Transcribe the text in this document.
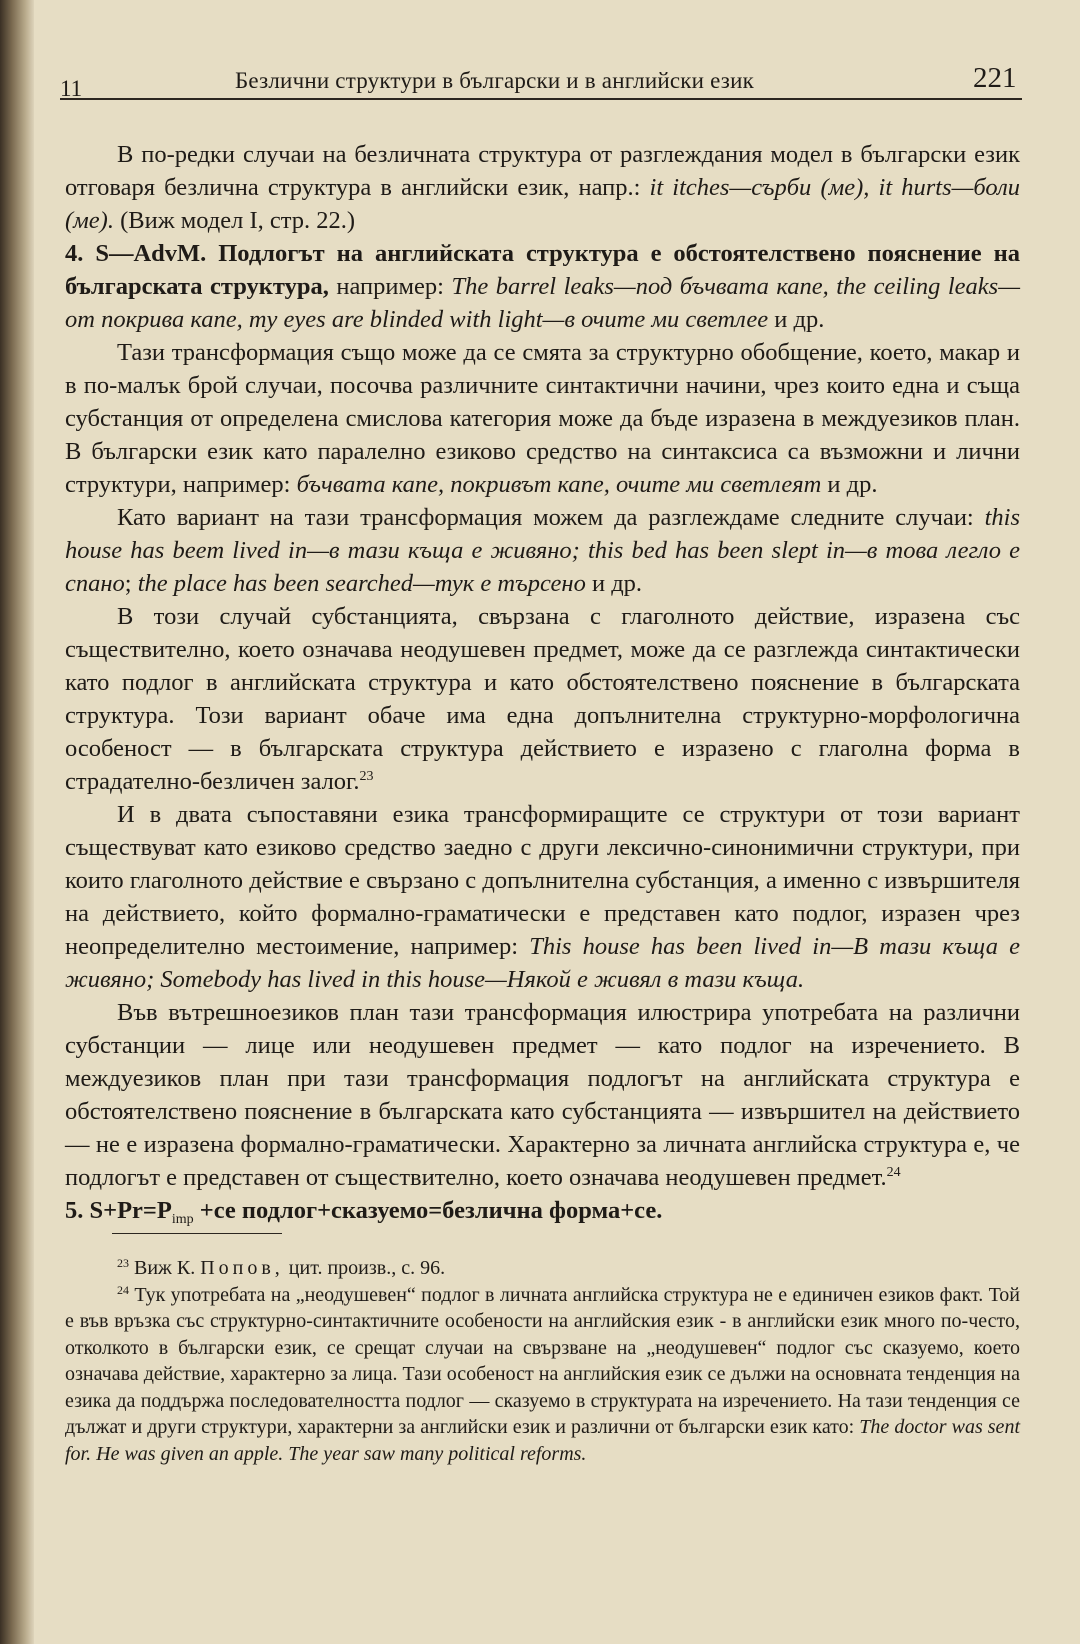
11	Безлични структури в български и в английски език	221

В по-редки случаи на безличната структура от разглеждания модел в български език отговаря безлична структура в английски език, напр.: it itches—сърби (ме), it hurts—боли (ме). (Виж модел I, стр. 22.)

4. S—AdvM. Подлогът на английската структура е обстоятелствено пояснение на българската структура, например: The barrel leaks—под бъчвата капе, the ceiling leaks—от покрива капе, my eyes are blinded with light—в очите ми светлее и др.

Тази трансформация също може да се смята за структурно обобщение, което, макар и в по-малък брой случаи, посочва различните синтактични начини, чрез които една и съща субстанция от определена смислова категория може да бъде изразена в междуезиков план. В български език като паралелно езиково средство на синтаксиса са възможни и лични структури, например: бъчвата капе, покривът капе, очите ми светлеят и др.

Като вариант на тази трансформация можем да разглеждаме следните случаи: this house has beem lived in—в тази къща е живяно; this bed has been slept in—в това легло е спано; the place has been searched—тук е търсено и др.

В този случай субстанцията, свързана с глаголното действие, изразена със съществително, което означава неодушевен предмет, може да се разглежда синтактически като подлог в английската структура и като обстоятелствено пояснение в българската структура. Този вариант обаче има една допълнителна структурно-морфологична особеност — в българската структура действието е изразено с глаголна форма в страдателно-безличен залог.$^{23}$

И в двата съпоставяни езика трансформиращите се структури от този вариант съществуват като езиково средство заедно с други лексично-синонимични структури, при които глаголното действие е свързано с допълнителна субстанция, а именно с извършителя на действието, който формално-граматически е представен като подлог, изразен чрез неопределително местоимение, например: This house has been lived in—В тази къща е живяно; Somebody has lived in this house—Някой е живял в тази къща.

Във вътрешноезиков план тази трансформация илюстрира употребата на различни субстанции — лице или неодушевен предмет — като подлог на изречението. В междуезиков план при тази трансформация подлогът на английската структура е обстоятелствено пояснение в българската като субстанцията — извършител на действието — не е изразена формално-граматически. Характерно за личната английска структура е, че подлогът е представен от съществително, което означава неодушевен предмет.$^{24}$

5. $S+Pr=P_{imp} +се$ подлог+сказуемо=безлична форма+се.

$^{23}$ Виж К. Попов, цит. произв., с. 96.

$^{24}$ Тук употребата на „неодушевен“ подлог в личната английска структура не е единичен езиков факт. Той е във връзка със структурно-синтактичните особености на английския език - в английски език много по-често, отколкото в български език, се срещат случаи на свързване на „неодушевен“ подлог със сказуемо, което означава действие, характерно за лица. Тази особеност на английския език се дължи на основната тенденция на езика да поддържа последователността подлог — сказуемо в структурата на изречението. На тази тенденция се дължат и други структури, характерни за английски език и различни от български език като: The doctor was sent for. He was given an apple. The year saw many political reforms.
